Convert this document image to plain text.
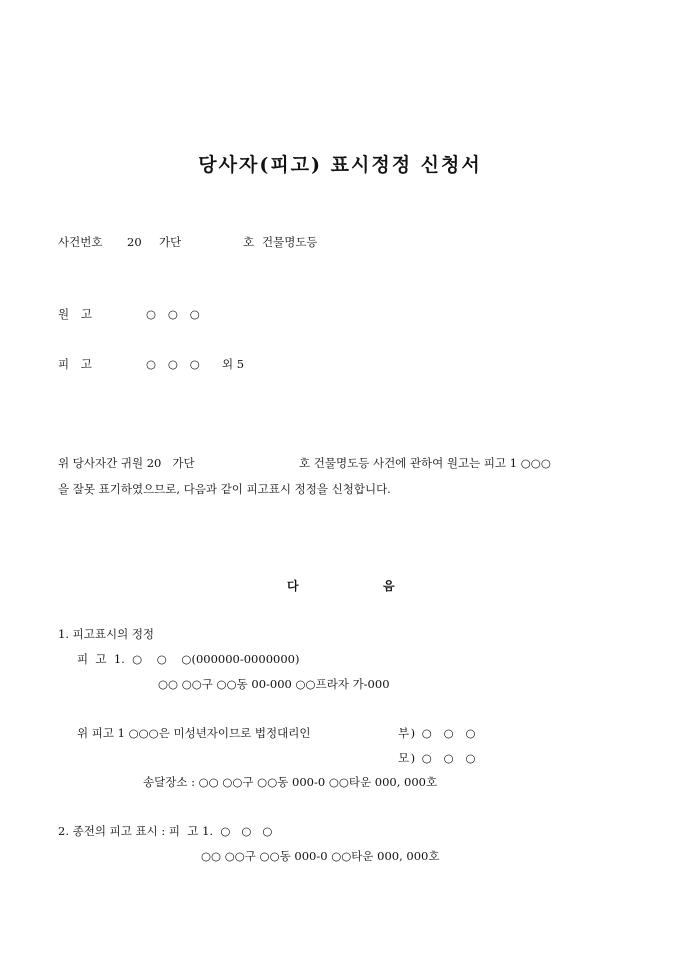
당사자(피고) 표시정정 신청서
사건번호 20 가단	호 건물명도등
원  고	○  ○  ○
피  고	○  ○  ○ 외 5
위 당사자간 귀원 20   가단	호 건물명도등 사건에 관하여 원고는 피고 1 ○○○
을 잘못 표기하였으므로, 다음과 같이 피고표시 정정을 신청합니다.
다	음
1. 피고표시의 정정
피  고  1.  ○    ○    ○(000000-0000000)
○○ ○○구 ○○동 00-000 ○○프라자 가-000
위 피고 1 ○○○은 미성년자이므로 법정대리인	부) ○  ○  ○
모) ○  ○  ○
송달장소 : ○○ ○○구 ○○동 000-0 ○○타운 000, 000호
2. 종전의 피고 표시 : 피  고 1.  ○   ○   ○
○○ ○○구 ○○동 000-0 ○○타운 000, 000호
